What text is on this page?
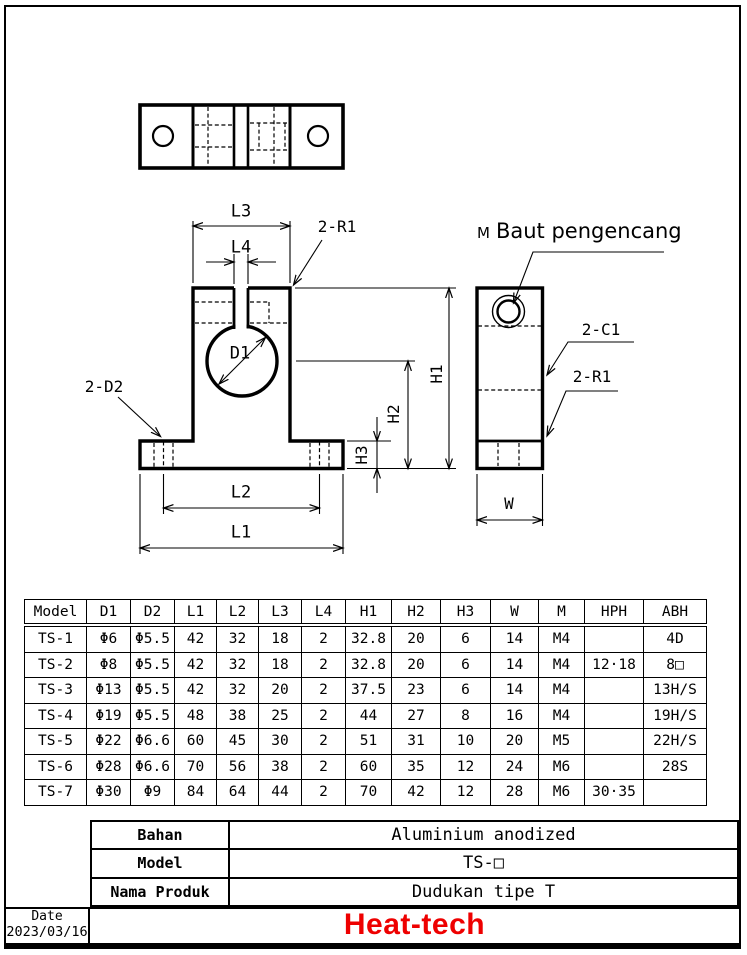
L3
L4
2-R1
D1
2-D2
H1
H2
H3
L2
L1
W
2-C1
2-R1
M Baut pengencang
Model	D1	D2	L1	L2	L3	L4	H1	H2	H3	W	M	HPH	ABH
TS-1	Φ6	Φ5.5	42	32	18	2	32.8	20	6	14	M4		4D
TS-2	Φ8	Φ5.5	42	32	18	2	32.8	20	6	14	M4	12·18	8□
TS-3	Φ13	Φ5.5	42	32	20	2	37.5	23	6	14	M4		13H/S
TS-4	Φ19	Φ5.5	48	38	25	2	44	27	8	16	M4		19H/S
TS-5	Φ22	Φ6.6	60	45	30	2	51	31	10	20	M5		22H/S
TS-6	Φ28	Φ6.6	70	56	38	2	60	35	12	24	M6		28S
TS-7	Φ30	Φ9	84	64	44	2	70	42	12	28	M6	30·35	
Bahan	Aluminium anodized
Model	TS-□
Nama Produk	Dudukan tipe T
Date
2023/03/16	Heat-tech
